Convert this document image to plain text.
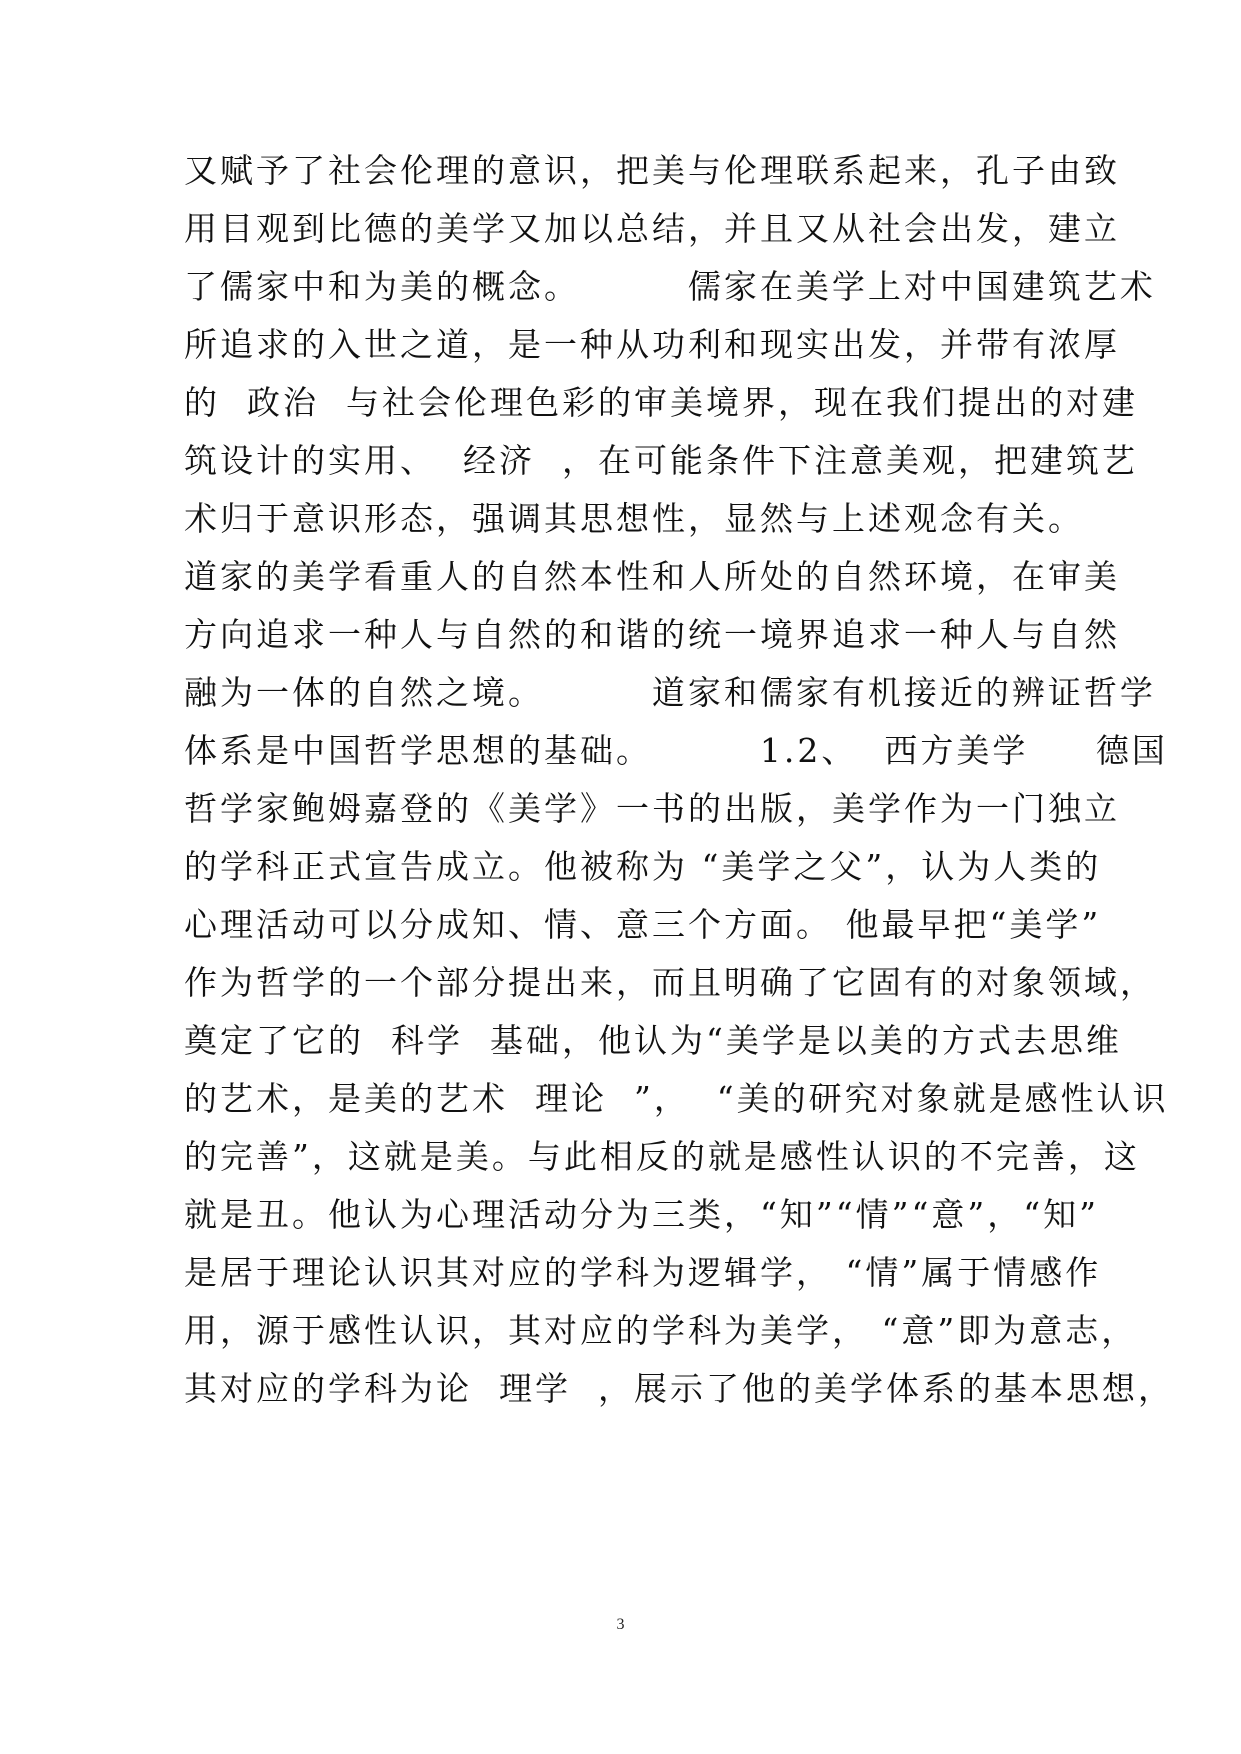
又赋予了社会伦理的意识，把美与伦理联系起来，孔子由致
用目观到比德的美学又加以总结，并且又从社会出发，建立
了儒家中和为美的概念。        儒家在美学上对中国建筑艺术
所追求的入世之道，是一种从功利和现实出发，并带有浓厚
的  政治  与社会伦理色彩的审美境界，现在我们提出的对建
筑设计的实用、  经济  ，在可能条件下注意美观，把建筑艺
术归于意识形态，强调其思想性，显然与上述观念有关。
道家的美学看重人的自然本性和人所处的自然环境，在审美
方向追求一种人与自然的和谐的统一境界追求一种人与自然
融为一体的自然之境。        道家和儒家有机接近的辨证哲学
体系是中国哲学思想的基础。        1.2、  西方美学     德国
哲学家鲍姆嘉登的《美学》一书的出版，美学作为一门独立
的学科正式宣告成立。他被称为 “美学之父”，认为人类的
心理活动可以分成知、情、意三个方面。 他最早把“美学”
作为哲学的一个部分提出来，而且明确了它固有的对象领域，
奠定了它的  科学  基础，他认为“美学是以美的方式去思维
的艺术，是美的艺术  理论  ”，  “美的研究对象就是感性认识
的完善”，这就是美。与此相反的就是感性认识的不完善，这
就是丑。他认为心理活动分为三类，“知”“情”“意”，“知”
是居于理论认识其对应的学科为逻辑学， “情”属于情感作
用，源于感性认识，其对应的学科为美学， “意”即为意志，
其对应的学科为论  理学  ，展示了他的美学体系的基本思想，
3
